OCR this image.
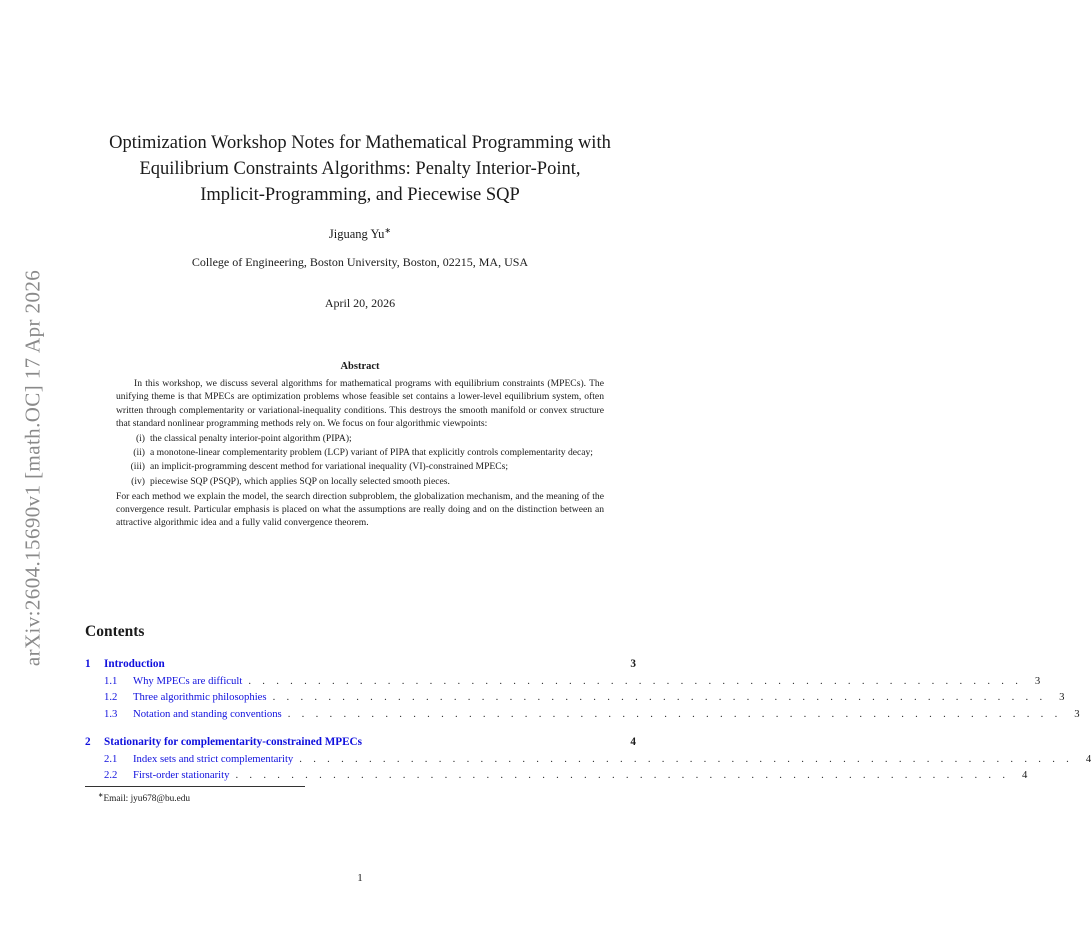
arXiv:2604.15690v1 [math.OC] 17 Apr 2026
Optimization Workshop Notes for Mathematical Programming with
Equilibrium Constraints Algorithms: Penalty Interior-Point,
Implicit-Programming, and Piecewise SQP
Jiguang Yu∗
College of Engineering, Boston University, Boston, 02215, MA, USA
April 20, 2026
Abstract

In this workshop, we discuss several algorithms for mathematical programs with equilibrium constraints (MPECs). The unifying theme is that MPECs are optimization problems whose feasible set contains a lower-level equilibrium system, often written through complementarity or variational-inequality conditions. This destroys the smooth manifold or convex structure that standard nonlinear programming methods rely on. We focus on four algorithmic viewpoints:

(i) the classical penalty interior-point algorithm (PIPA);
(ii) a monotone-linear complementarity problem (LCP) variant of PIPA that explicitly controls complementarity decay;
(iii) an implicit-programming descent method for variational inequality (VI)-constrained MPECs;
(iv) piecewise SQP (PSQP), which applies SQP on locally selected smooth pieces.

For each method we explain the model, the search direction subproblem, the globalization mechanism, and the meaning of the convergence result. Particular emphasis is placed on what the assumptions are really doing and on the distinction between an attractive algorithmic idea and a fully valid convergence theorem.

Contents
1	Introduction	3
1.1	Why MPECs are difficult . . . . . . . . . . . . . . . . . . . . . . . . . . . . . . . . . . . . . . . . . . . . . . . . . . . . . . . .	3
1.2	Three algorithmic philosophies . . . . . . . . . . . . . . . . . . . . . . . . . . . . . . . . . . . . . . . . . . . . . . . . . . . . . . . .	3
1.3	Notation and standing conventions . . . . . . . . . . . . . . . . . . . . . . . . . . . . . . . . . . . . . . . . . . . . . . . . . . . . . . . .	3
2	Stationarity for complementarity-constrained MPECs	4
2.1	Index sets and strict complementarity . . . . . . . . . . . . . . . . . . . . . . . . . . . . . . . . . . . . . . . . . . . . . . . . . . . . . . . .	4
2.2	First-order stationarity . . . . . . . . . . . . . . . . . . . . . . . . . . . . . . . . . . . . . . . . . . . . . . . . . . . . . . . .	4
∗Email: jyu678@bu.edu
1
